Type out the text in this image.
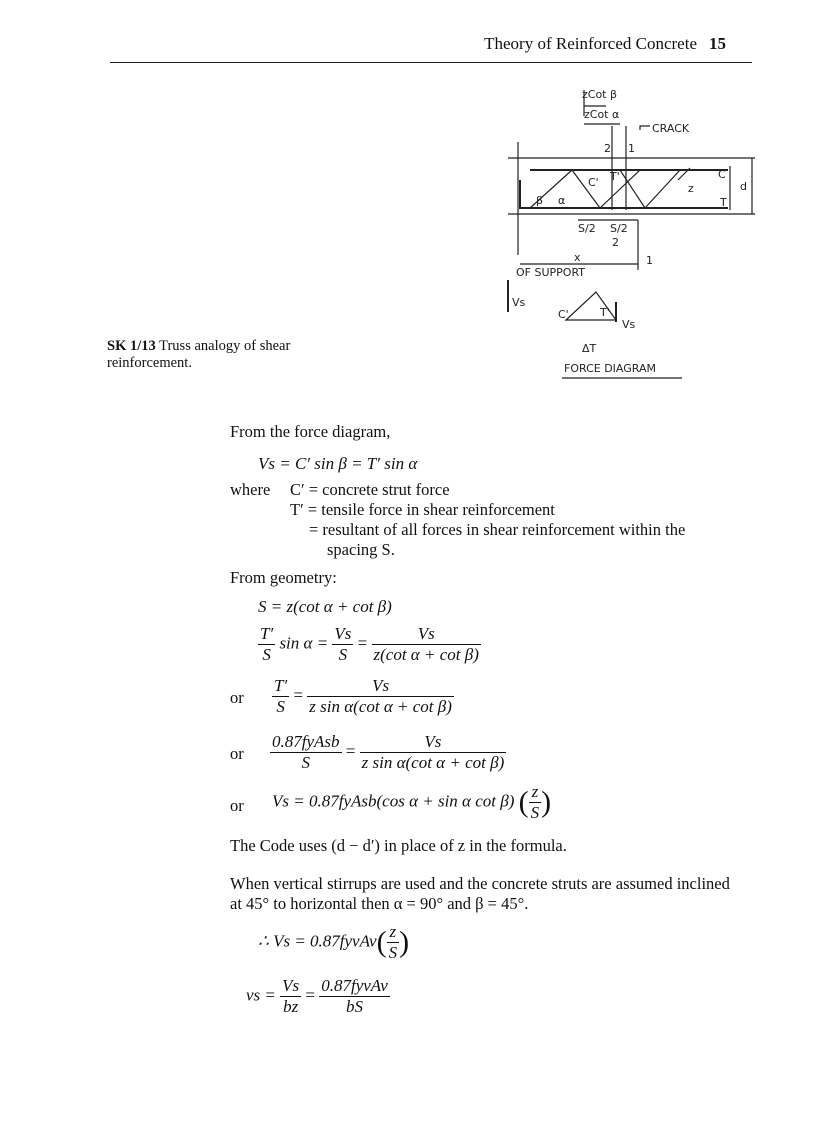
Theory of Reinforced Concrete 15
SK 1/13 Truss analogy of shear
reinforcement.
zCot β
zCot α
CRACK
2 1
C
C' T'
z	d
T
β α
S/2 S/2
2
x	1
OF SUPPORT
Vs
C'	T'
Vs
ΔT
FORCE DIAGRAM
From the force diagram,
Vs = C′ sin β = T′ sin α
where C′ = concrete strut force
T′ = tensile force in shear reinforcement
= resultant of all forces in shear reinforcement within the
spacing S.
From geometry:
S = z(cot α + cot β)
$\frac{T'}{S}$ $\sin \alpha = \frac{Vs}{S} = \frac{Vs}{\text{z(cot α + cot β)}}$
or $\frac{T'}{S} = \frac{Vs}{\text{z sin α(cot α + cot β)}}$
or $\frac{\text{0.87fyAsb}}{S} = \frac{Vs}{\text{z sin α(cot α + cot β)}}$
or Vs = 0.87fyAsb(cos α + sin α cot β) ( $\frac{z}{S}$ )
The Code uses (d − d′) in place of z in the formula.
When vertical stirrups are used and the concrete struts are assumed inclined
at 45° to horizontal then α = 90° and β = 45°.
∴ Vs = 0.87fyvAv( $\frac{z}{S}$ )
vs = $\frac{Vs}{bz} = \frac{\text{0.87fyvAv}}{bS}$
